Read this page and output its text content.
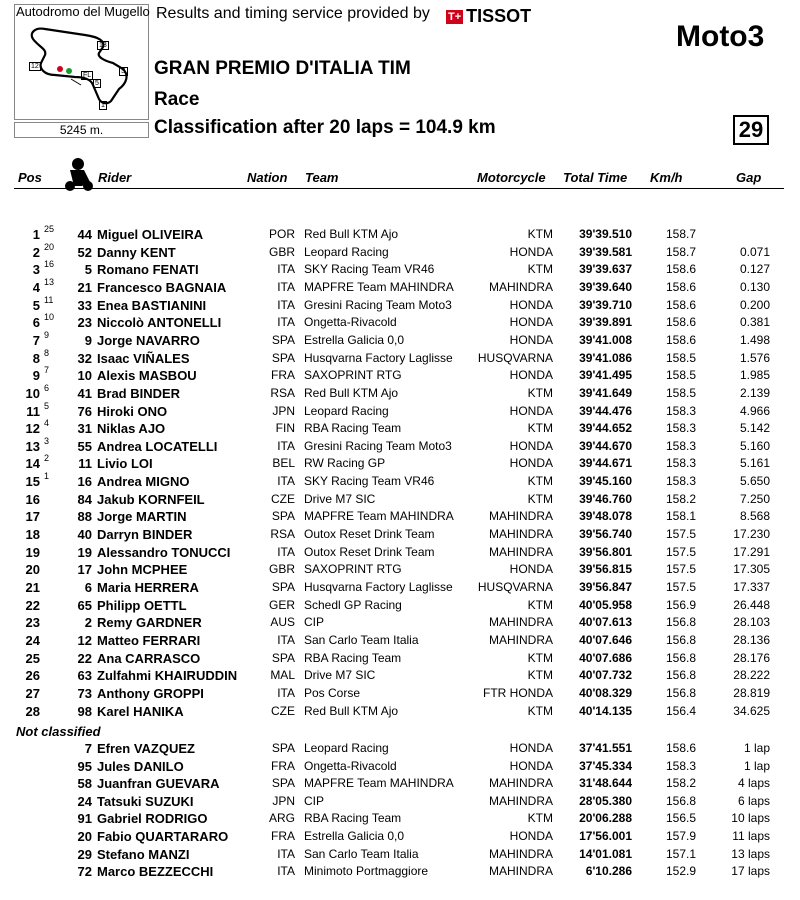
13
12
FL
5
1
S
Autodromo del Mugello
5245 m.
Results and timing service provided by T+ TISSOT
Moto3
GRAN PREMIO D'ITALIA TIM
Race
Classification after 20 laps = 104.9 km	29
Pos	Rider	Nation Team	Motorcycle Total Time Km/h	Gap
1 25	44 Miguel OLIVEIRA	POR Red Bull KTM Ajo	KTM	39'39.510	158.7
2 20	52 Danny KENT	GBR Leopard Racing	HONDA	39'39.581	158.7	0.071
3 16	5 Romano FENATI	ITA SKY Racing Team VR46	KTM	39'39.637	158.6	0.127
4 13	21 Francesco BAGNAIA	ITA MAPFRE Team MAHINDRA	MAHINDRA	39'39.640	158.6	0.130
5 11	33 Enea BASTIANINI	ITA Gresini Racing Team Moto3	HONDA	39'39.710	158.6	0.200
6 10	23 Niccolò ANTONELLI	ITA Ongetta-Rivacold	HONDA	39'39.891	158.6	0.381
7 9	9 Jorge NAVARRO	SPA Estrella Galicia 0,0	HONDA	39'41.008	158.6	1.498
8 8	32 Isaac VIÑALES	SPA Husqvarna Factory Laglisse	HUSQVARNA	39'41.086	158.5	1.576
9 7	10 Alexis MASBOU	FRA SAXOPRINT RTG	HONDA	39'41.495	158.5	1.985
10 6	41 Brad BINDER	RSA Red Bull KTM Ajo	KTM	39'41.649	158.5	2.139
11 5	76 Hiroki ONO	JPN Leopard Racing	HONDA	39'44.476	158.3	4.966
12 4	31 Niklas AJO	FIN RBA Racing Team	KTM	39'44.652	158.3	5.142
13 3	55 Andrea LOCATELLI	ITA Gresini Racing Team Moto3	HONDA	39'44.670	158.3	5.160
14 2	11 Livio LOI	BEL RW Racing GP	HONDA	39'44.671	158.3	5.161
15 1	16 Andrea MIGNO	ITA SKY Racing Team VR46	KTM	39'45.160	158.3	5.650
16	84 Jakub KORNFEIL	CZE Drive M7 SIC	KTM	39'46.760	158.2	7.250
17	88 Jorge MARTIN	SPA MAPFRE Team MAHINDRA	MAHINDRA	39'48.078	158.1	8.568
18	40 Darryn BINDER	RSA Outox Reset Drink Team	MAHINDRA	39'56.740	157.5	17.230
19	19 Alessandro TONUCCI	ITA Outox Reset Drink Team	MAHINDRA	39'56.801	157.5	17.291
20	17 John MCPHEE	GBR SAXOPRINT RTG	HONDA	39'56.815	157.5	17.305
21	6 Maria HERRERA	SPA Husqvarna Factory Laglisse	HUSQVARNA	39'56.847	157.5	17.337
22	65 Philipp OETTL	GER Schedl GP Racing	KTM	40'05.958	156.9	26.448
23	2 Remy GARDNER	AUS CIP	MAHINDRA	40'07.613	156.8	28.103
24	12 Matteo FERRARI	ITA San Carlo Team Italia	MAHINDRA	40'07.646	156.8	28.136
25	22 Ana CARRASCO	SPA RBA Racing Team	KTM	40'07.686	156.8	28.176
26	63 Zulfahmi KHAIRUDDIN	MAL Drive M7 SIC	KTM	40'07.732	156.8	28.222
27	73 Anthony GROPPI	ITA Pos Corse	FTR HONDA	40'08.329	156.8	28.819
28	98 Karel HANIKA	CZE Red Bull KTM Ajo	KTM	40'14.135	156.4	34.625
Not classified
7 Efren VAZQUEZ	SPA Leopard Racing	HONDA	37'41.551	158.6	1 lap
95 Jules DANILO	FRA Ongetta-Rivacold	HONDA	37'45.334	158.3	1 lap
58 Juanfran GUEVARA	SPA MAPFRE Team MAHINDRA	MAHINDRA	31'48.644	158.2	4 laps
24 Tatsuki SUZUKI	JPN CIP	MAHINDRA	28'05.380	156.8	6 laps
91 Gabriel RODRIGO	ARG RBA Racing Team	KTM	20'06.288	156.5	10 laps
20 Fabio QUARTARARO	FRA Estrella Galicia 0,0	HONDA	17'56.001	157.9	11 laps
29 Stefano MANZI	ITA San Carlo Team Italia	MAHINDRA	14'01.081	157.1	13 laps
72 Marco BEZZECCHI	ITA Minimoto Portmaggiore	MAHINDRA	6'10.286	152.9	17 laps
